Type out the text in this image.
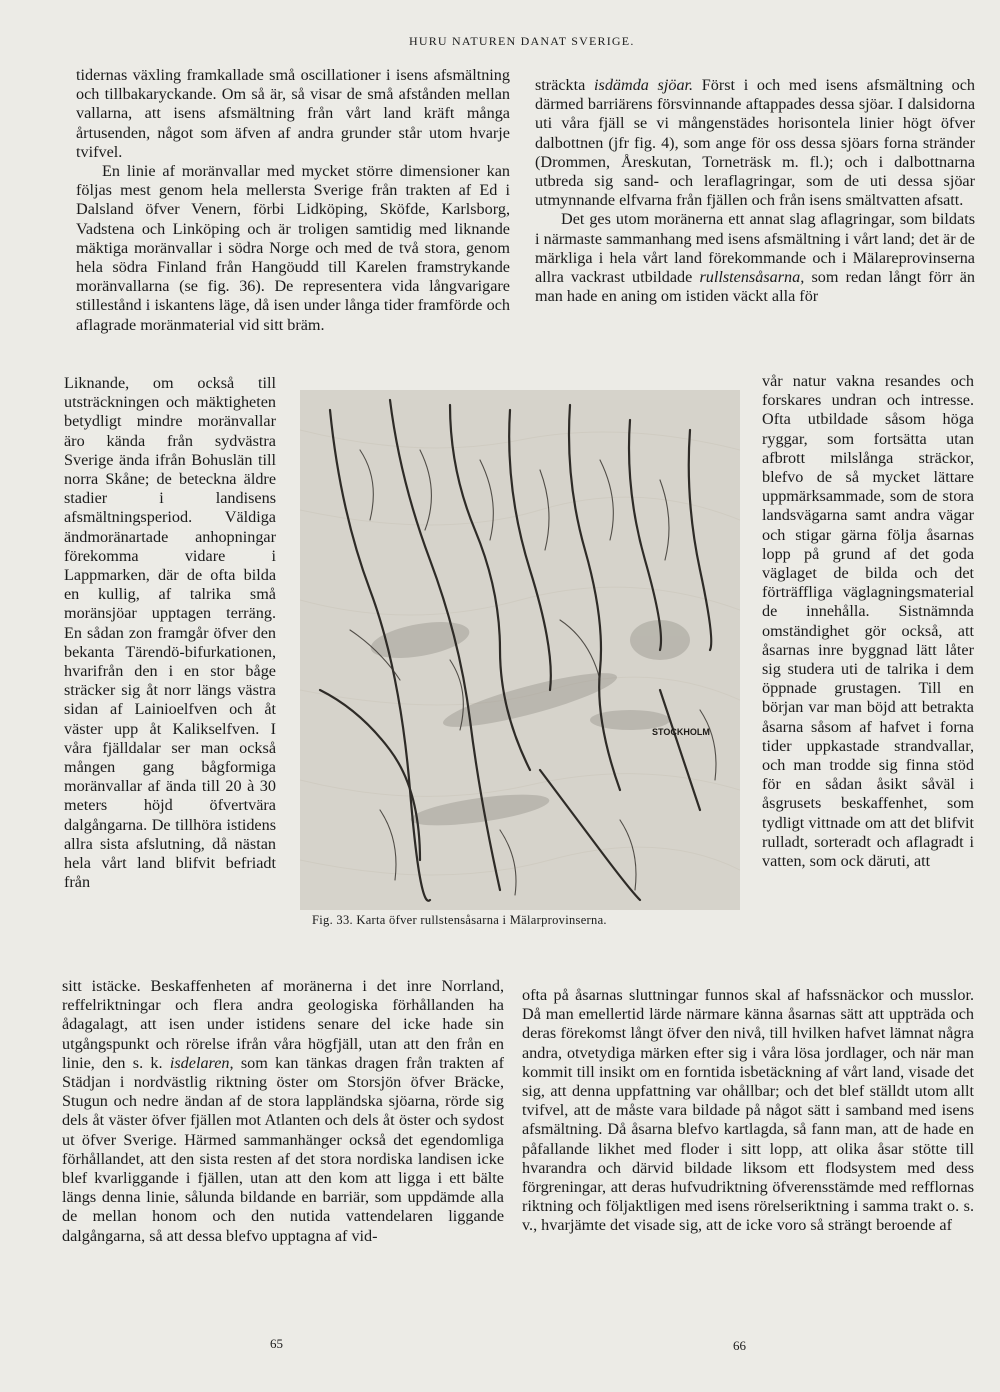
HURU NATUREN DANAT SVERIGE.

tidernas växling framkallade små oscillationer i isens afsmältning och tillbakaryckande. Om så är, så visar de små afstånden mellan vallarna, att isens afsmältning från vårt land kräft många årtusenden, något som äfven af andra grunder står utom hvarje tvifvel.

En linie af moränvallar med mycket större dimensioner kan följas mest genom hela mellersta Sverige från trakten af Ed i Dalsland öfver Venern, förbi Lidköping, Sköfde, Karlsborg, Vadstena och Linköping och är troligen samtidig med liknande mäktiga moränvallar i södra Norge och med de två stora, genom hela södra Finland från Hangöudd till Karelen framstrykande moränvallarna (se fig. 36). De representera vida långvarigare stillestånd i iskantens läge, då isen under långa tider framförde och aflagrade moränmaterial vid sitt bräm.

Liknande, om också till utsträckningen och mäktigheten betydligt mindre moränvallar äro kända från sydvästra Sverige ända ifrån Bohuslän till norra Skåne; de beteckna äldre stadier i landisens afsmältningsperiod. Väldiga ändmoränartade anhopningar förekomma vidare i Lappmarken, där de ofta bilda en kullig, af talrika små moränsjöar upptagen terräng. En sådan zon framgår öfver den bekanta Tärendö-bifurkationen, hvarifrån den i en stor båge sträcker sig åt norr längs västra sidan af Lainioelfven och åt väster upp åt Kalikselfven. I våra fjälldalar ser man också mången gang bågformiga moränvallar af ända till 20 à 30 meters höjd öfvertvära dalgångarna. De tillhöra istidens allra sista afslutning, då nästan hela vårt land blifvit befriadt från

sitt istäcke. Beskaffenheten af moränerna i det inre Norrland, reffelriktningar och flera andra geologiska förhållanden ha ådagalagt, att isen under istidens senare del icke hade sin utgångspunkt och rörelse ifrån våra högfjäll, utan att den från en linie, den s. k. isdelaren, som kan tänkas dragen från trakten af Städjan i nordvästlig riktning öster om Storsjön öfver Bräcke, Stugun och nedre ändan af de stora lappländska sjöarna, rörde sig dels åt väster öfver fjällen mot Atlanten och dels åt öster och sydost ut öfver Sverige. Härmed sammanhänger också det egendomliga förhållandet, att den sista resten af det stora nordiska landisen icke blef kvarliggande i fjällen, utan att den kom att ligga i ett bälte längs denna linie, sålunda bildande en barriär, som uppdämde alla de mellan honom och den nutida vattendelaren liggande dalgångarna, så att dessa blefvo upptagna af vid-

65
STOCKHOLM
Fig. 33. Karta öfver rullstensåsarna i Mälarprovinserna.

sträckta isdämda sjöar. Först i och med isens afsmältning och därmed barriärens försvinnande aftappades dessa sjöar. I dalsidorna uti våra fjäll se vi mångenstädes horisontela linier högt öfver dalbottnen (jfr fig. 4), som ange för oss dessa sjöars forna stränder (Drommen, Åreskutan, Torneträsk m. fl.); och i dalbottnarna utbreda sig sand- och leraflagringar, som de uti dessa sjöar utmynnande elfvarna från fjällen och från isens smältvatten afsatt.

Det ges utom moränerna ett annat slag aflagringar, som bildats i närmaste sammanhang med isens afsmältning i vårt land; det är de märkliga i hela vårt land förekommande och i Mälareprovinserna allra vackrast utbildade rullstensåsarna, som redan långt förr än man hade en aning om istiden väckt alla för

vår natur vakna resandes och forskares undran och intresse. Ofta utbildade såsom höga ryggar, som fortsätta utan afbrott milslånga sträckor, blefvo de så mycket lättare uppmärksammade, som de stora landsvägarna samt andra vägar och stigar gärna följa åsarnas lopp på grund af det goda väglaget de bilda och det förträffliga väglagningsmaterial de innehålla. Sistnämnda omständighet gör också, att åsarnas inre byggnad lätt låter sig studera uti de talrika i dem öppnade grustagen. Till en början var man böjd att betrakta åsarna såsom af hafvet i forna tider uppkastade strandvallar, och man trodde sig finna stöd för en sådan åsikt såväl i åsgrusets beskaffenhet, som tydligt vittnade om att det blifvit rulladt, sorteradt och aflagradt i vatten, som ock däruti, att

ofta på åsarnas sluttningar funnos skal af hafssnäckor och musslor. Då man emellertid lärde närmare känna åsarnas sätt att uppträda och deras förekomst långt öfver den nivå, till hvilken hafvet lämnat några andra, otvetydiga märken efter sig i våra lösa jordlager, och när man kommit till insikt om en forntida isbetäckning af vårt land, visade det sig, att denna uppfattning var ohållbar; och det blef ställdt utom allt tvifvel, att de måste vara bildade på något sätt i samband med isens afsmältning. Då åsarna blefvo kartlagda, så fann man, att de hade en påfallande likhet med floder i sitt lopp, att olika åsar stötte till hvarandra och därvid bildade liksom ett flodsystem med dess förgreningar, att deras hufvudriktning öfverensstämde med refflornas riktning och följaktligen med isens rörelseriktning i samma trakt o. s. v., hvarjämte det visade sig, att de icke voro så strängt beroende af

66
